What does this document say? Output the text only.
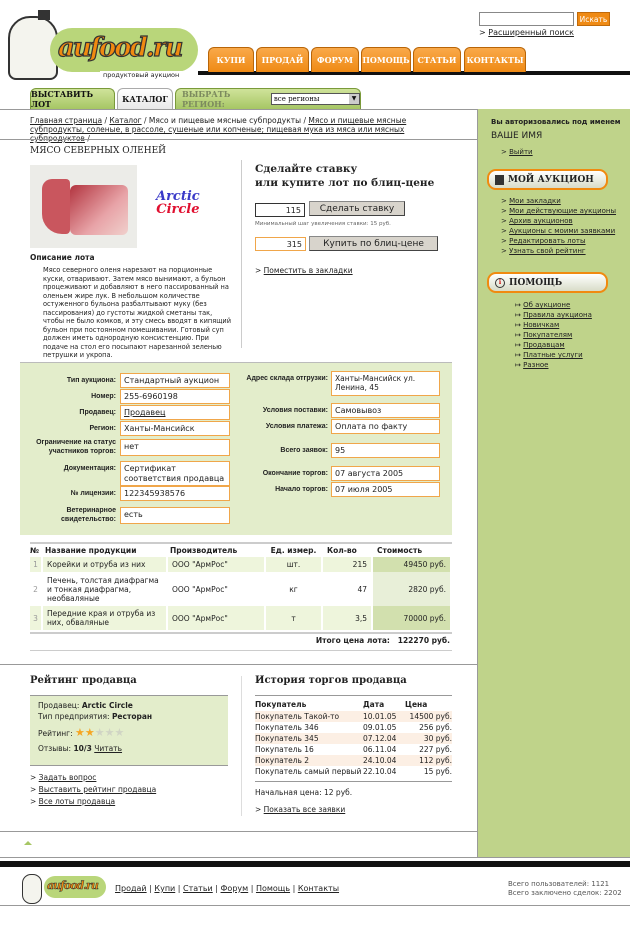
aufood.ru
продуктовый аукцион
Искать
> Расширенный поиск
КУПИ	ПРОДАЙ	ФОРУМ	ПОМОЩЬ СТАТЬИ	КОНТАКТЫ
ВЫСТАВИТЬ ЛОТ	КАТАЛОГ	ВЫБРАТЬ РЕГИОН:	все регионы	▼
Вы авторизовались под именем
ВАШЕ ИМЯ
> Выйти
МОЙ АУКЦИОН
> Мои закладки
> Мои действующие аукционы
> Архив аукционов
> Аукционы с моими заявками
> Редактировать лоты
> Узнать свой рейтинг
i ПОМОЩЬ
↦ Об аукционе
↦ Правила аукциона
↦ Новичкам
↦ Покупателям
↦ Продавцам
↦ Платные услуги
↦ Разное
Главная страница / Каталог / Мясо и пищевые мясные субпродукты / Мясо и пищевые мясные субпродукты, соленые, в рассоле, сушеные или копченые; пищевая мука из мяса или мясных
МЯСО СЕВЕРНЫХ ОЛЕНЕЙ
Arctic
Circle
Описание лота
Мясо северного оленя нарезают на порционные куски, отваривают. Затем мясо вынимают, а бульон процеживают и добавляют в него пассированный на оленьем жире лук. В небольшом количестве остуженного бульона разбалтывают муку (без пассирования) до густоты жидкой сметаны так, чтобы не было комков, и эту смесь вводят в кипящий бульон при постоянном помешивании. Готовый суп должен иметь однородную консистенцию. При подаче на стол его посыпают нарезанной зеленью петрушки и укропа.
Сделайте ставку
или купите лот по блиц-цене
115	Сделать ставку
Минимальный шаг увеличения ставки: 15 руб.
315	Купить по блиц-цене
> Поместить в закладки
Тип аукциона:	Стандартный аукцион
Номер:	255-6960198
Продавец:	Продавец
Регион:	Ханты-Мансийск
Ограничение на статус участников торгов:
нет
Документация:	Сертификат соответствия продавца
№ лицензии:	122345938576
Ветеринарное свидетельство:
есть
Адрес склада отгрузки: Ханты-Мансийск ул. Ленина, 45
Условия поставки: Самовывоз
Условия платежа: Оплата по факту
Всего заявок: 95
Окончание торгов: 07 августа 2005
Начало торгов: 07 июля 2005
№	Название продукции	Производитель	Ед. измер.	Кол-во	Стоимость
1	Корейки и отруба из них	ООО "АрмРос"	шт.	215	49450 руб.
2	Печень, толстая диафрагма и тонкая диафрагма, необваляные	ООО "АрмРос"	кг	47	2820 руб.
3	Передние края и отруба из них, обваляные	ООО "АрмРос"	т	3,5	70000 руб.
Итого цена лота: 122270 руб.
Рейтинг продавца
Продавец: Arctic Circle
Тип предприятия: Ресторан
Рейтинг: ★★★★★
Отзывы: 10/3 Читать
> Задать вопрос
> Выставить рейтинг продавца
> Все лоты продавца
История торгов продавца
Покупатель	Дата	Цена
Покупатель Такой-то	10.01.05	14500 руб.
Покупатель 346	09.01.05	256 руб.
Покупатель 345	07.12.04	30 руб.
Покупатель 16	06.11.04	227 руб.
Покупатель 2	24.10.04	112 руб.
Покупатель самый первый	22.10.04	15 руб.
Начальная цена: 12 руб.
> Показать все заявки
aufood.ru Продай | Купи | Статьи | Форум | Помощь | Контакты	Всего пользователей: 1121
Всего заключено сделок: 2202
